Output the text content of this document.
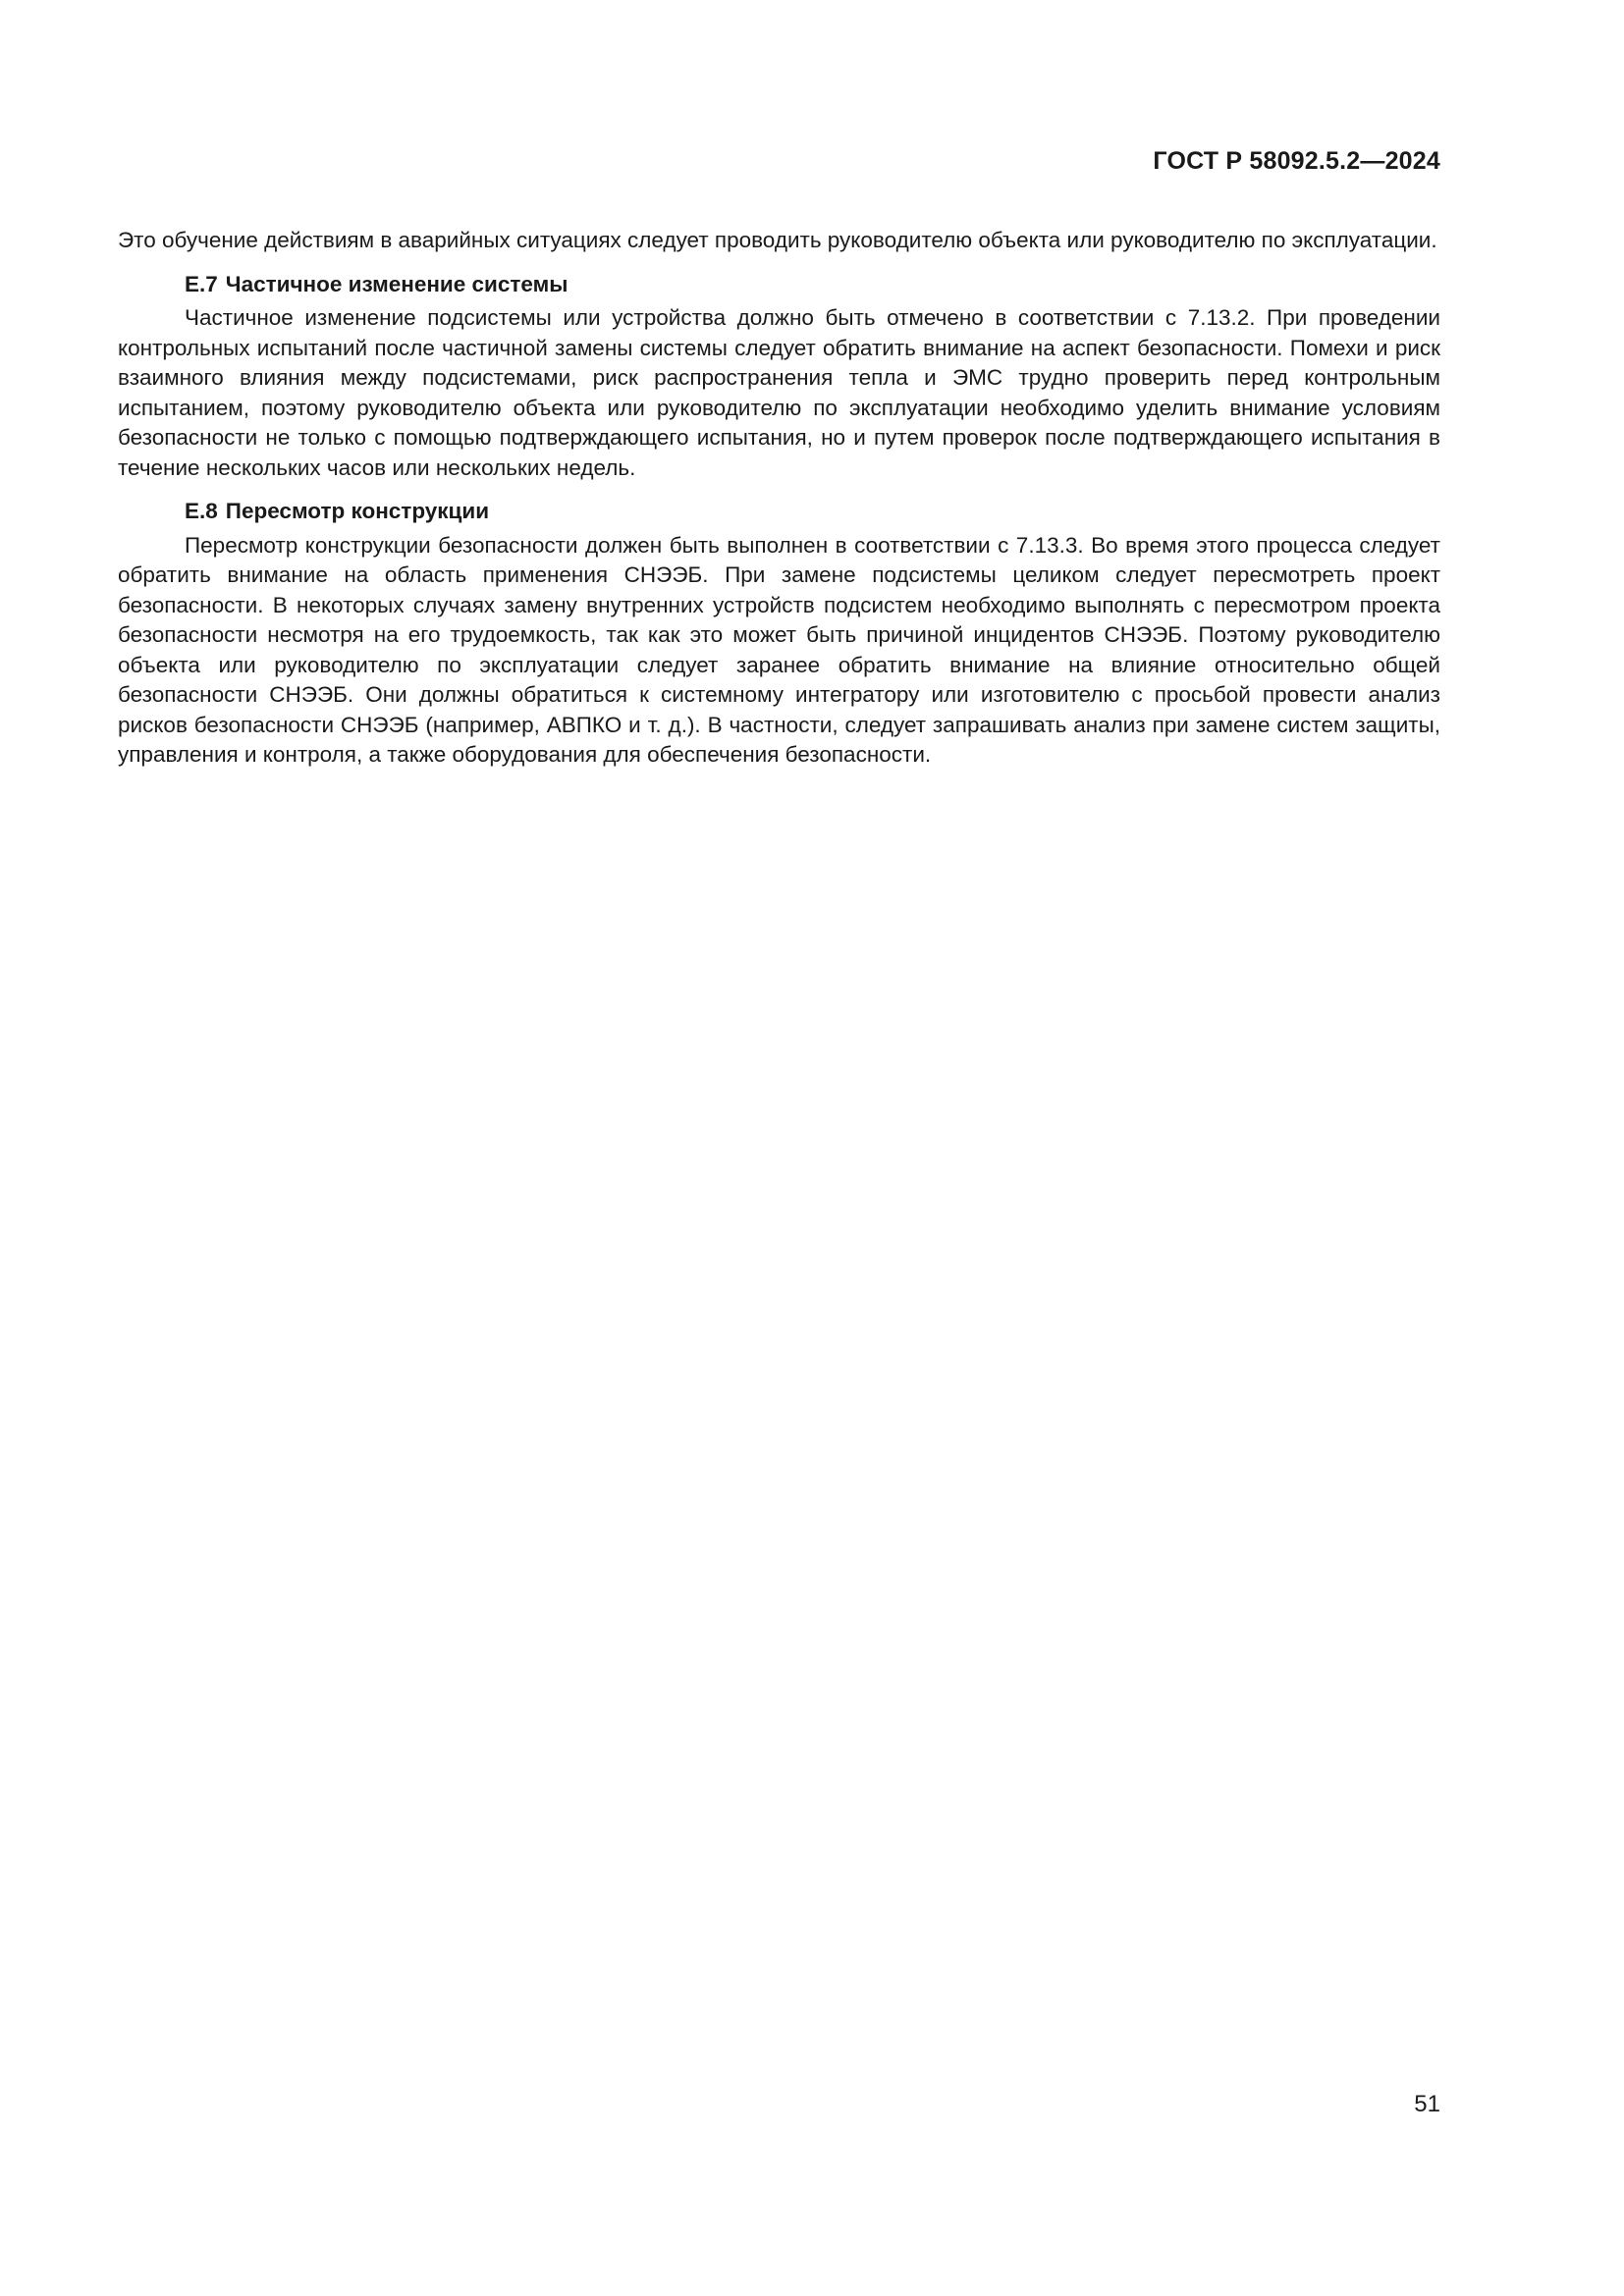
ГОСТ Р 58092.5.2—2024

Это обучение действиям в аварийных ситуациях следует проводить руководителю объекта или руководителю по эксплуатации.

Е.7 Частичное изменение системы

Частичное изменение подсистемы или устройства должно быть отмечено в соответствии с 7.13.2. При проведении контрольных испытаний после частичной замены системы следует обратить внимание на аспект безопасности. Помехи и риск взаимного влияния между подсистемами, риск распространения тепла и ЭМС трудно проверить перед контрольным испытанием, поэтому руководителю объекта или руководителю по эксплуатации необходимо уделить внимание условиям безопасности не только с помощью подтверждающего испытания, но и путем проверок после подтверждающего испытания в течение нескольких часов или нескольких недель.

Е.8 Пересмотр конструкции

Пересмотр конструкции безопасности должен быть выполнен в соответствии с 7.13.3. Во время этого процесса следует обратить внимание на область применения СНЭЭБ. При замене подсистемы целиком следует пересмотреть проект безопасности. В некоторых случаях замену внутренних устройств подсистем необходимо выполнять с пересмотром проекта безопасности несмотря на его трудоемкость, так как это может быть причиной инцидентов СНЭЭБ. Поэтому руководителю объекта или руководителю по эксплуатации следует заранее обратить внимание на влияние относительно общей безопасности СНЭЭБ. Они должны обратиться к системному интегратору или изготовителю с просьбой провести анализ рисков безопасности СНЭЭБ (например, АВПКО и т. д.). В частности, следует запрашивать анализ при замене систем защиты, управления и контроля, а также оборудования для обеспечения безопасности.

51
